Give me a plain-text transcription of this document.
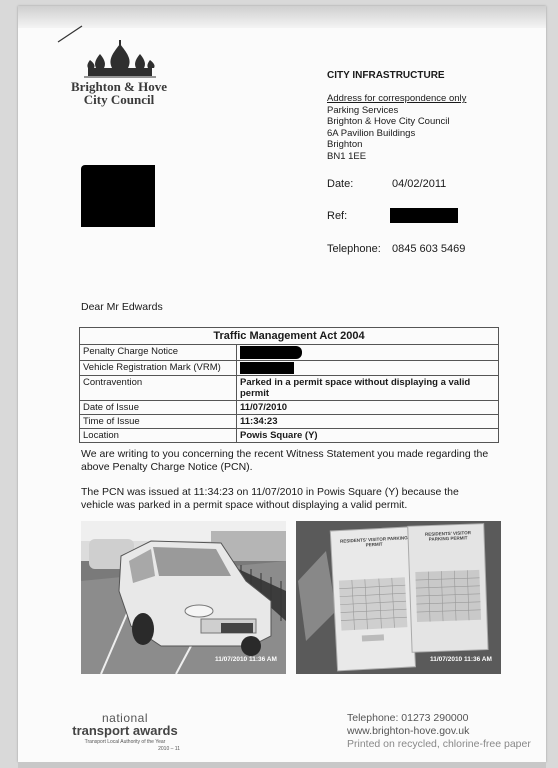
Brighton & Hove
City Council
CITY INFRASTRUCTURE
Address for correspondence only
Parking Services
Brighton & Hove City Council
6A Pavilion Buildings
Brighton
BN1 1EE
Date:	04/02/2011
Ref:
Telephone: 0845 603 5469
Dear Mr Edwards
Traffic Management Act 2004	
Penalty Charge Notice	
Vehicle Registration Mark (VRM)	
Contravention	Parked in a permit space without displaying a valid permit
Date of Issue	11/07/2010
Time of Issue	11:34:23
Location	Powis Square (Y)
We are writing to you concerning the recent Witness Statement you made regarding the above Penalty Charge Notice (PCN).
The PCN was issued at 11:34:23 on 11/07/2010 in Powis Square (Y) because the vehicle was parked in a permit space without displaying a valid permit.
11/07/2010 11:36 AM
RESIDENTS' VISITOR PARKING PERMIT
RESIDENTS' VISITOR PARKING PERMIT
11/07/2010 11:36 AM
national
transport awards
Transport Local Authority of the Year
2010 – 11
Telephone: 01273 290000
www.brighton-hove.gov.uk
Printed on recycled, chlorine-free paper
